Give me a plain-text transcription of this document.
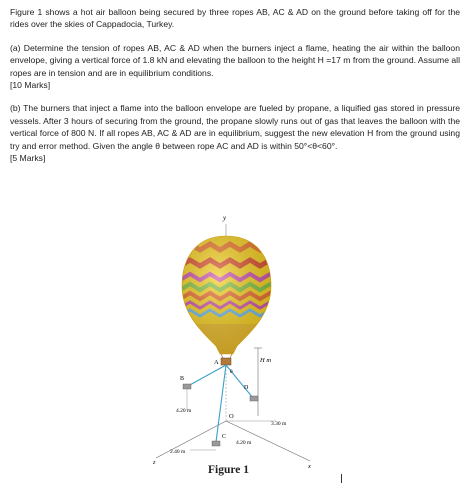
Figure 1 shows a hot air balloon being secured by three ropes AB, AC & AD on the ground before taking off for the rides over the skies of Cappadocia, Turkey.

(a) Determine the tension of ropes AB, AC & AD when the burners inject a flame, heating the air within the balloon envelope, giving a vertical force of 1.8 kN and elevating the balloon to the height H =17 m from the ground. Assume all ropes are in tension and are in equilibrium conditions.

[10 Marks]

(b) The burners that inject a flame into the balloon envelope are fueled by propane, a liquified gas stored in pressure vessels. After 3 hours of securing from the ground, the propane slowly runs out of gas that leaves the balloon with the vertical force of 800 N. If all ropes AB, AC & AD are in equilibrium, suggest the new elevation H from the ground using try and error method. Given the angle θ between rope AC and AD is within 50°<θ<60°.

[5 Marks]

y
A	H m
x
z
O
4.20 m
3.30 m
4.20 m
2.40 m
θ
B
D
C
Figure 1
